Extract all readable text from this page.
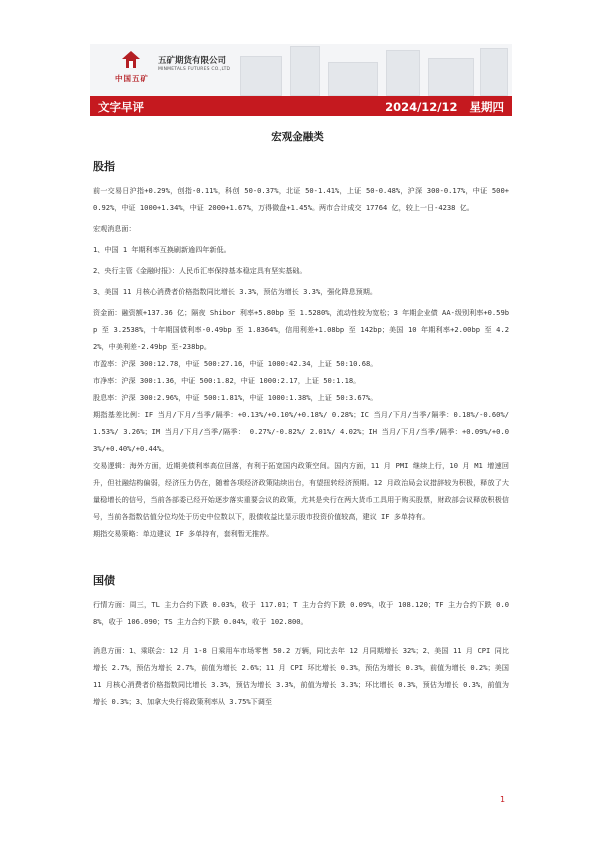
中国五矿
五矿期货有限公司
MINMETALS FUTURES CO.,LTD
文字早评	2024/12/12 星期四
宏观金融类
股指
前一交易日沪指+0.29%，创指-0.11%，科创 50-0.37%，北证 50-1.41%，上证 50-0.48%，沪深 300-0.17%，中证 500+0.92%，中证 1000+1.34%，中证 2000+1.67%，万得微盘+1.45%。两市合计成交 17764 亿，较上一日-4238 亿。
宏观消息面：
1、中国 1 年期利率互换刷新逾四年新低。
2、央行主管《金融时报》：人民币汇率保持基本稳定具有坚实基础。
3、美国 11 月核心消费者价格指数同比增长 3.3%，预估为增长 3.3%，强化降息预期。
资金面：融资额+137.36 亿；隔夜 Shibor 利率+5.80bp 至 1.5280%，流动性较为宽松；3 年期企业债 AA-级别利率+0.59bp 至 3.2538%，十年期国债利率-0.49bp 至 1.8364%，信用利差+1.08bp 至 142bp；美国 10 年期利率+2.00bp 至 4.22%，中美利差-2.49bp 至-238bp。
市盈率：沪深 300:12.78，中证 500:27.16，中证 1000:42.34，上证 50:10.68。
市净率：沪深 300:1.36，中证 500:1.82，中证 1000:2.17，上证 50:1.18。
股息率：沪深 300:2.96%，中证 500:1.81%，中证 1000:1.38%，上证 50:3.67%。
期指基差比例：IF 当月/下月/当季/隔季：+0.13%/+0.10%/+0.18%/ 0.28%；IC 当月/下月/当季/隔季：0.18%/-0.60%/ 1.53%/ 3.26%；IM 当月/下月/当季/隔季： 0.27%/-0.82%/ 2.01%/ 4.02%；IH 当月/下月/当季/隔季：+0.09%/+0.03%/+0.40%/+0.44%。
交易逻辑：海外方面，近期美债利率高位回落，有利于拓宽国内政策空间。国内方面，11 月 PMI 继续上行，10 月 M1 增速回升，但社融结构偏弱，经济压力仍在，随着各项经济政策陆续出台，有望扭转经济预期。12 月政治局会议措辞较为积极，释放了大量稳增长的信号，当前各部委已经开始逐步落实重要会议的政策，尤其是央行在两大货币工具用于购买股票，财政部会议释放积极信号，当前各指数估值分位均处于历史中位数以下，股债收益比显示股市投资价值较高，建议 IF 多单持有。
期指交易策略：单边建议 IF 多单持有，套利暂无推荐。
国债
行情方面：周三，TL 主力合约下跌 0.03%，收于 117.01；T 主力合约下跌 0.09%，收于 108.120；TF 主力合约下跌 0.08%，收于 106.090；TS 主力合约下跌 0.04%，收于 102.800。
消息方面：1、乘联会：12 月 1-8 日乘用车市场零售 50.2 万辆，同比去年 12 月同期增长 32%；2、美国 11 月 CPI 同比增长 2.7%，预估为增长 2.7%，前值为增长 2.6%；11 月 CPI 环比增长 0.3%，预估为增长 0.3%，前值为增长 0.2%；美国 11 月核心消费者价格指数同比增长 3.3%，预估为增长 3.3%，前值为增长 3.3%；环比增长 0.3%，预估为增长 0.3%，前值为增长 0.3%；3、加拿大央行将政策利率从 3.75%下调至
1
